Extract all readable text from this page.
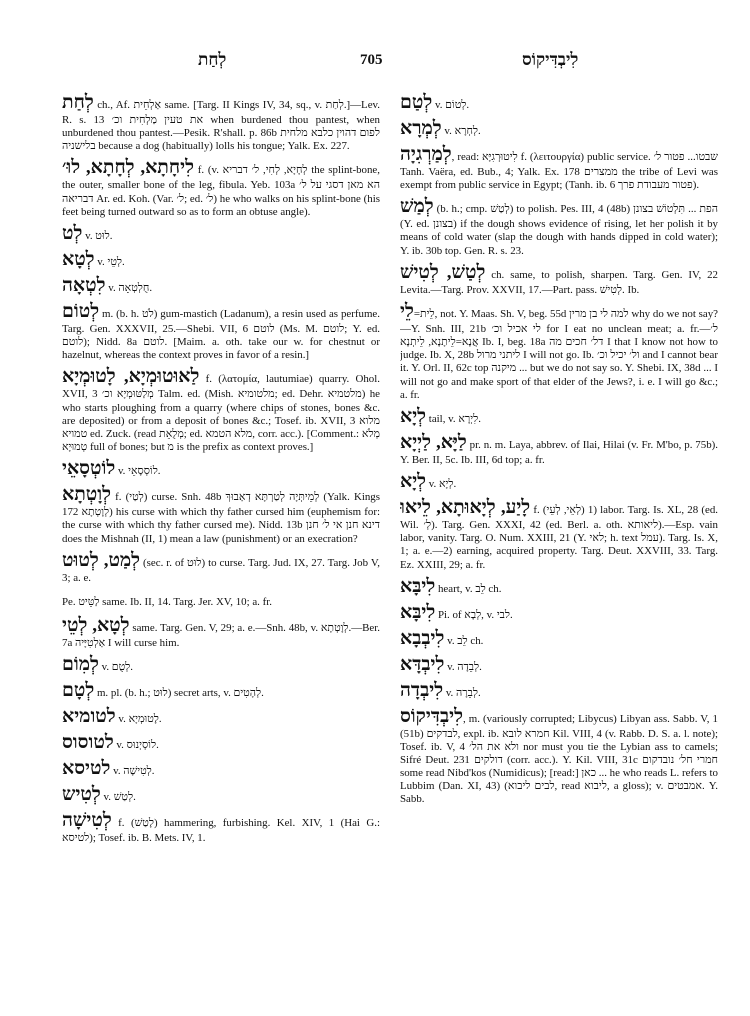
לְחַת	705	לִיבְדִּיקוֹס

לְחַת ch., Af. אַלְחֵית same. [Targ. II Kings IV, 34, sq., v. לְחַת.]—Lev. R. s. 13 את טעין מַלְחִית וכ׳ when burdened thou pantest, when unburdened thou pantest.—Pesik. R'shall. p. 86b לפום דהוין כלבא מלחית בלישניה because a dog (habitually) lolls his tongue; Yalk. Ex. 227.

לִיחָתָא, לְחָתָא, לוּ׳ f. (v. לְחָיָא, לְחִי, ל׳ דבריא the splint-bone, the outer, smaller bone of the leg, fibula. Yeb. 103a הא מאן דסגי על ל׳ דבריאה Ar. ed. Koh. (Var. ל׳; ed. ל׳) he who walks on his splint-bone (his feet being turned outward so as to form an obtuse angle).

לְט v. לוּט.

לְטָא v. לְטֵי.

לִטְאָה v. חֻלְטְאָה.

לְטוֹם m. (b. h. לֹט) gum-mastich (Ladanum), a resin used as perfume. Targ. Gen. XXXVII, 25.—Shebi. VII, 6 לוטם (Ms. M. לוטם; Y. ed. לוטם); Nidd. 8a לוטם. [Maim. a. oth. take our w. for chestnut or hazelnut, whereas the context proves in favor of a resin.]

לַאוּטוּמְיָא, לָטוּמְיָא f. (λατομία, lautumiae) quarry. Ohol. XVII, 3 מְלַטּוּמְיָא וכ׳ Talm. ed. (Mish. מלטומיא; ed. Dehr. מלטמיא) he who starts ploughing from a quarry (where chips of stones, bones &c. are deposited) or from a deposit of bones &c.; Tosef. ib. XVII, 3 מלוא טמויא ed. Zuck. (read מְלֻאֵת; ed. מלא הטמא, corr. acc.). [Comment.: מְלֹא טְמוּיָא full of bones; but מ is the prefix as context proves.]

לוֹטְסָאֵי v. לוֹסְסָאֵי.

לְוָטְתָא f. (לְטַי) curse. Snh. 48b לְמֵיתְּיָה לְטַרְתָּא דְאַבוּךְ (Yalk. Kings 172 לְוָטְתָא) his curse with which thy father cursed him (euphemism for: the curse with which thy father cursed me). Nidd. 13b דינא חנן אי ל׳ חנן does the Mishnah (II, 1) mean a law (punishment) or an execration?

לְמַט, לְטוּט (sec. r. of לוּט) to curse. Targ. Jud. IX, 27. Targ. Job V, 3; a. e.

Pe. לַטֵּיט same. Ib. II, 14. Targ. Jer. XV, 10; a. fr.

לְטָא, לְטֵי same. Targ. Gen. V, 29; a. e.—Snh. 48b, v. לְוָטְתָא.—Ber. 7a אַלְטִיָּיה I will curse him.

לְמִוֹם v. לְטֻם.

לְטָם m. pl. (b. h.; לוּט) secret arts, v. לְהָטִים.

לטומיא v. לָטוּמְיָא.

לטוסוס v. לוֹסְיְנוּס.

לטיסא v. לְטִישָׁה.

לְטִיש v. לְטַשׁ.

לְטִישָׁה f. (לָטַשׁ) hammering, furbishing. Kel. XIV, 1 (Hai G.: לטיסא); Tosef. ib. B. Mets. IV, 1.

לְטַם v. לְטוֹם.

לְמְרָא v. לְחְרָא.

לְמַרְגִיָה, read: לִיטוּרְגִיָּא f. (λειτουργία) public service. שבטו... פטור ל׳ Tanh. Vaëra, ed. Bub., 4; Yalk. Ex. 178 ממצרים the tribe of Levi was exempt from public service in Egypt; (Tanh. ib. 6 פטור מעבודת פרך).

לְמַשׁ (b. h.; cmp. לְטַשׁ) to polish. Pes. III, 4 (48b) הפת ... תִּלְטוֹשׁ בצונן (Y. ed. בצונן) if the dough shows evidence of rising, let her polish it by means of cold water (slap the dough with hands dipped in cold water); Y. ib. 30b top. Gen. R. s. 23.

לְטַשׁ, לְטִישׁ ch. same, to polish, sharpen. Targ. Gen. IV, 22 Levita.—Targ. Prov. XXVII, 17.—Part. pass. לְטִישׁ. Ib.

לֵי=לֵית, not. Y. Maas. Sh. V, beg. 55d למה לי בן מרין why do we not say?—Y. Snh. III, 21b לי אכיל וכ׳ for I eat no unclean meat; a. fr.—ל׳ אֲנָא=לֵיתָנָא, לֵיתְנָא Ib. I, beg. 18a דל׳ חכים מה I that I know not how to judge. Ib. X, 28b ליתני מרול I will not go. Ib. ול׳ יכיל וכ׳ and I cannot bear it. Y. Orl. II, 62c top מיקנה ... but we do not say so. Y. Shebi. IX, 38d ... I will not go and make sport of that elder of the Jews?, i. e. I will go &c.; a. fr.

לְיָא tail, v. לִיְרָא.

לַיָּא, לַיְיָא pr. n. m. Laya, abbrev. of Ilai, Hilai (v. Fr. M'bo, p. 75b). Y. Ber. II, 5c. Ib. III, 6d top; a. fr.

לְיָא v. לְיָא.

לָיַע, לְיָאוּתָא, לֵיאוּ f. (לְאֵי, לְעֵי) 1) labor. Targ. Is. XL, 28 (ed. Wil. לְ׳). Targ. Gen. XXXI, 42 (ed. Berl. a. oth. ליאותא).—Esp. vain labor, vanity. Targ. O. Num. XXIII, 21 (Y. לאי; h. text עמל). Targ. Is. X, 1; a. e.—2) earning, acquired property. Targ. Deut. XXVIII, 33. Targ. Ez. XXIII, 29; a. fr.

לִיבָּא heart, v. לֵב ch.

לִיבָּא Pi. of לְבָא, v. לבי.

לִיבְבָא v. לֵב ch.

לִיבְדָּא v. לְבֵדָה.

לִיבְדָה v. לְבֵרָה.

לִיבְדִּיקוֹס, m. (variously corrupted; Libycus) Libyan ass. Sabb. V, 1 (51b) לבדקים, expl. ib. חמרא לובא Kil. VIII, 4 (v. Rabb. D. S. a. l. note); Tosef. ib. V, 4 ולא את הל׳ nor must you tie the Lybian ass to camels; Sifré Deut. 231 דולקים (corr. acc.). Y. Kil. VIII, 31c חמרי חל׳ נובדקום some read Nibd'kos (Numidicus); [read:] כאן ... he who reads L. refers to Lubbim (Dan. XI, 43) (לבים ליבוא, read ליבוא, a gloss); v. אמבטים. Y. Sabb.
